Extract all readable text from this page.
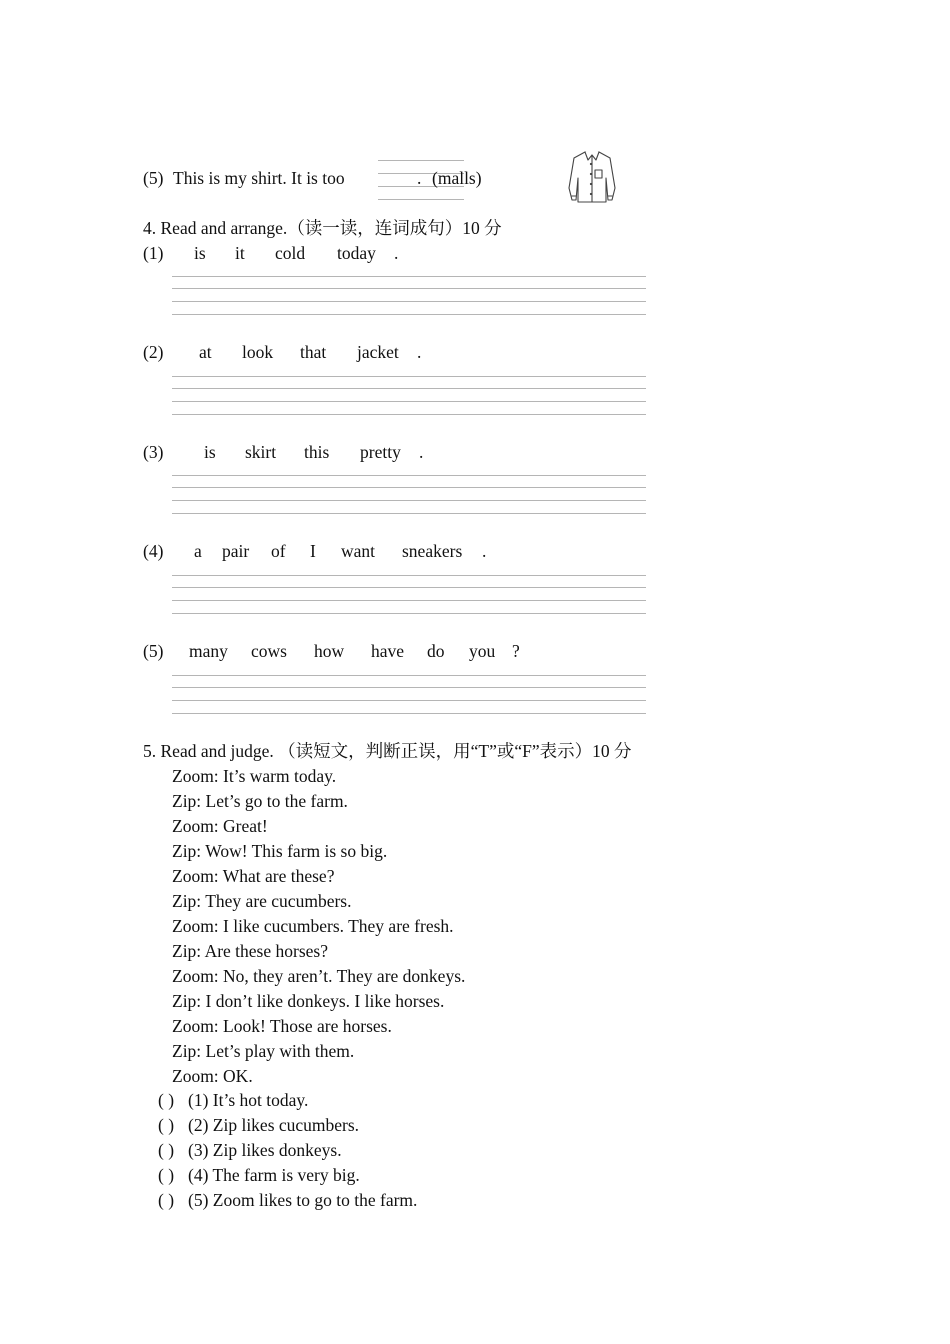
(5) This is my shirt. It is too	. (malls)
4. Read and arrange.（读一读，连词成句）10 分
(1) is it cold today .
(2) at look that jacket .
(3) is skirt this pretty .
(4) a pair of I want sneakers .
(5) many cows how have do you ?
5. Read and judge. （读短文，判断正误，用“T”或“F”表示）10 分
Zoom: It’s warm today.
Zip: Let’s go to the farm.
Zoom: Great!
Zip: Wow! This farm is so big.
Zoom: What are these?
Zip: They are cucumbers.
Zoom: I like cucumbers. They are fresh.
Zip: Are these horses?
Zoom: No, they aren’t. They are donkeys.
Zip: I don’t like donkeys. I like horses.
Zoom: Look! Those are horses.
Zip: Let’s play with them.
Zoom: OK.
( ) (1) It’s hot today.
( ) (2) Zip likes cucumbers.
( ) (3) Zip likes donkeys.
( ) (4) The farm is very big.
( ) (5) Zoom likes to go to the farm.
